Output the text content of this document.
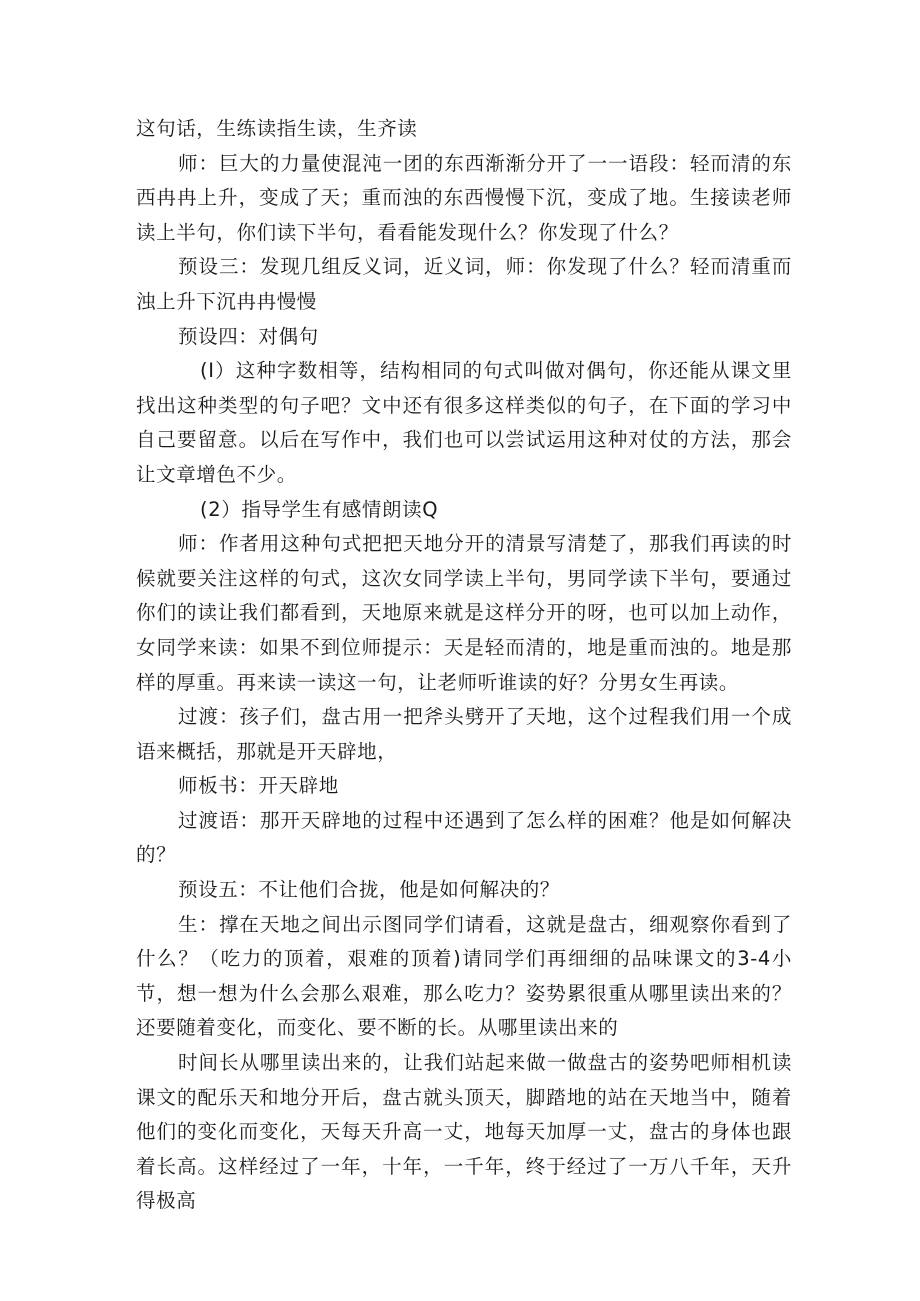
这句话，生练读指生读，生齐读

师：巨大的力量使混沌一团的东西渐渐分开了一一语段：轻而清的东西冉冉上升，变成了天；重而浊的东西慢慢下沉，变成了地。生接读老师读上半句，你们读下半句，看看能发现什么？你发现了什么？

预设三：发现几组反义词，近义词，师：你发现了什么？轻而清重而浊上升下沉冉冉慢慢

预设四：对偶句

(I）这种字数相等，结构相同的句式叫做对偶句，你还能从课文里找出这种类型的句子吧？文中还有很多这样类似的句子，在下面的学习中自己要留意。以后在写作中，我们也可以尝试运用这种对仗的方法，那会让文章增色不少。

(2）指导学生有感情朗读Q

师：作者用这种句式把把天地分开的清景写清楚了，那我们再读的时候就要关注这样的句式，这次女同学读上半句，男同学读下半句，要通过你们的读让我们都看到，天地原来就是这样分开的呀，也可以加上动作，女同学来读：如果不到位师提示：天是轻而清的，地是重而浊的。地是那样的厚重。再来读一读这一句，让老师听谁读的好？分男女生再读。

过渡：孩子们，盘古用一把斧头劈开了天地，这个过程我们用一个成语来概括，那就是开天辟地，

师板书：开天辟地

过渡语：那开天辟地的过程中还遇到了怎么样的困难？他是如何解决的？

预设五：不让他们合拢，他是如何解决的？

生：撑在天地之间出示图同学们请看，这就是盘古，细观察你看到了什么？（吃力的顶着，艰难的顶着)请同学们再细细的品味课文的3-4小节，想一想为什么会那么艰难，那么吃力？姿势累很重从哪里读出来的？还要随着变化，而变化、要不断的长。从哪里读出来的

时间长从哪里读出来的，让我们站起来做一做盘古的姿势吧师相机读课文的配乐天和地分开后，盘古就头顶天，脚踏地的站在天地当中，随着他们的变化而变化，天每天升高一丈，地每天加厚一丈，盘古的身体也跟着长高。这样经过了一年，十年，一千年，终于经过了一万八千年，天升得极高
